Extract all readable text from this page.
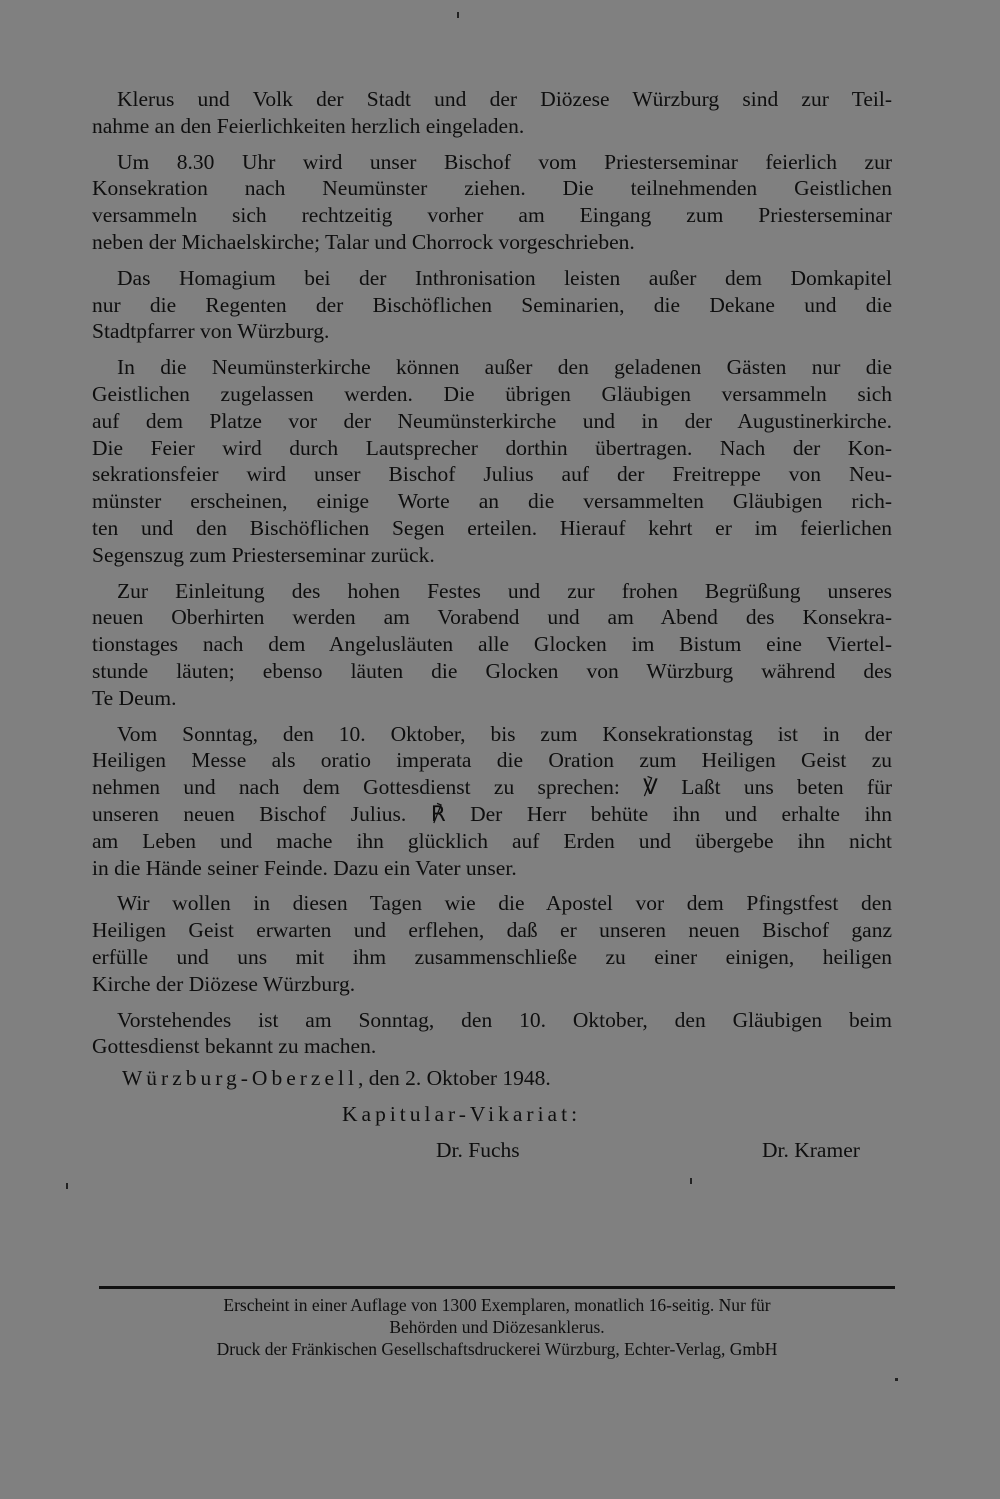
Klerus und Volk der Stadt und der Diözese Würzburg sind zur Teil-
nahme an den Feierlichkeiten herzlich eingeladen.

Um 8.30 Uhr wird unser Bischof vom Priesterseminar feierlich zur
Konsekration nach Neumünster ziehen. Die teilnehmenden Geistlichen
versammeln sich rechtzeitig vorher am Eingang zum Priesterseminar
neben der Michaelskirche; Talar und Chorrock vorgeschrieben.

Das Homagium bei der Inthronisation leisten außer dem Domkapitel
nur die Regenten der Bischöflichen Seminarien, die Dekane und die
Stadtpfarrer von Würzburg.

In die Neumünsterkirche können außer den geladenen Gästen nur die
Geistlichen zugelassen werden. Die übrigen Gläubigen versammeln sich
auf dem Platze vor der Neumünsterkirche und in der Augustinerkirche.
Die Feier wird durch Lautsprecher dorthin übertragen. Nach der Kon-
sekrationsfeier wird unser Bischof Julius auf der Freitreppe von Neu-
münster erscheinen, einige Worte an die versammelten Gläubigen rich-
ten und den Bischöflichen Segen erteilen. Hierauf kehrt er im feierlichen
Segenszug zum Priesterseminar zurück.

Zur Einleitung des hohen Festes und zur frohen Begrüßung unseres
neuen Oberhirten werden am Vorabend und am Abend des Konsekra-
tionstages nach dem Angelusläuten alle Glocken im Bistum eine Viertel-
stunde läuten; ebenso läuten die Glocken von Würzburg während des
Te Deum.

Vom Sonntag, den 10. Oktober, bis zum Konsekrationstag ist in der
Heiligen Messe als oratio imperata die Oration zum Heiligen Geist zu
nehmen und nach dem Gottesdienst zu sprechen: ℣ Laßt uns beten für
unseren neuen Bischof Julius. ℟ Der Herr behüte ihn und erhalte ihn
am Leben und mache ihn glücklich auf Erden und übergebe ihn nicht
in die Hände seiner Feinde. Dazu ein Vater unser.

Wir wollen in diesen Tagen wie die Apostel vor dem Pfingstfest den
Heiligen Geist erwarten und erflehen, daß er unseren neuen Bischof ganz
erfülle und uns mit ihm zusammenschließe zu einer einigen, heiligen
Kirche der Diözese Würzburg.

Vorstehendes ist am Sonntag, den 10. Oktober, den Gläubigen beim
Gottesdienst bekannt zu machen.

Würzburg-Oberzell, den 2. Oktober 1948.
Kapitular-Vikariat:
Dr. Fuchs	Dr. Kramer
Erscheint in einer Auflage von 1300 Exemplaren, monatlich 16-seitig. Nur für
Behörden und Diözesanklerus.
Druck der Fränkischen Gesellschaftsdruckerei Würzburg, Echter-Verlag, GmbH
